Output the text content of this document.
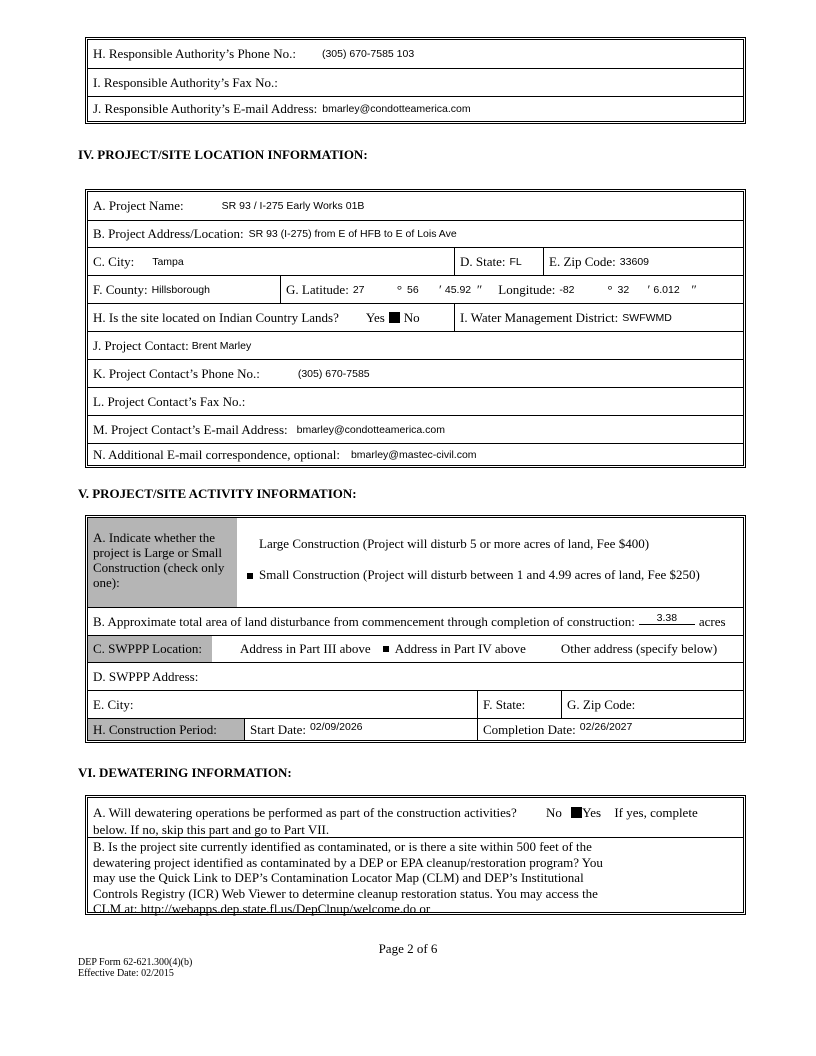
H. Responsible Authority’s Phone No.: (305) 670-7585 103
I. Responsible Authority’s Fax No.:
J. Responsible Authority’s E-mail Address: bmarley@condotteamerica.com
IV. PROJECT/SITE LOCATION INFORMATION:
A. Project Name:	SR 93 / I-275 Early Works 01B
B. Project Address/Location: SR 93 (I-275) from E of HFB to E of Lois Ave
C. City: Tampa	D. State: FL E. Zip Code: 33609
F. County: Hillsborough	G. Latitude: 27	° 56	′ 45.92 ″ Longitude: -82	° 32	′ 6.012 ″
H. Is the site located on Indian Country Lands? Yes No	I. Water Management District: SWFWMD
J. Project Contact: Brent Marley
K. Project Contact’s Phone No.:	(305) 670-7585
L. Project Contact’s Fax No.:
M. Project Contact’s E-mail Address: bmarley@condotteamerica.com
N. Additional E-mail correspondence, optional: bmarley@mastec-civil.com
V. PROJECT/SITE ACTIVITY INFORMATION:
A. Indicate whether the project is Large or Small Construction (check only one):
Large Construction (Project will disturb 5 or more acres of land, Fee $400)
Small Construction (Project will disturb between 1 and 4.99 acres of land, Fee $250)
B. Approximate total area of land disturbance from commencement through completion of construction:	3.38	acres
C. SWPPP Location:	Address in Part III above Address in Part IV above	Other address (specify below)
D. SWPPP Address:
E. City:	F. State:	G. Zip Code:
H. Construction Period:	Start Date: 02/09/2026	Completion Date: 02/26/2027
VI. DEWATERING INFORMATION:
A. Will dewatering operations be performed as part of the construction activities? No Yes If yes, complete
below. If no, skip this part and go to Part VII.
B. Is the project site currently identified as contaminated, or is there a site within 500 feet of the
dewatering project identified as contaminated by a DEP or EPA cleanup/restoration program? You
may use the Quick Link to DEP’s Contamination Locator Map (CLM) and DEP’s Institutional
Controls Registry (ICR) Web Viewer to determine cleanup restoration status. You may access the
CLM at: http://webapps.dep.state.fl.us/DepClnup/welcome.do or
Page 2 of 6
DEP Form 62-621.300(4)(b)
Effective Date: 02/2015
